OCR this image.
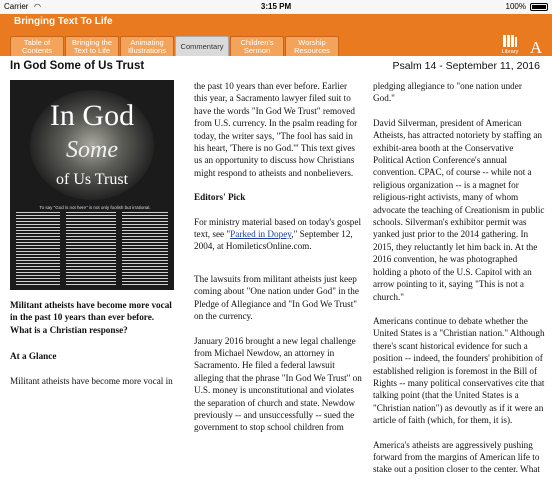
Carrier ◠	3:15 PM	100%
Bringing Text To Life
Table of
Contents
Bringing the
Text to Life
Animating
Illustrations Commentary Children's
Sermon
Worship
Resources	Library A
In God Some of Us Trust	Psalm 14 - September 11, 2016
In God
Some
of Us Trust
To say "God is not here" is not only foolish but irrational.

Militant atheists have become more vocal in the past 10 years than ever before. What is a Christian response?

At a Glance

Militant atheists have become more vocal in

the past 10 years than ever before. Earlier this year, a Sacramento lawyer filed suit to have the words "In God We Trust" removed from U.S. currency. In the psalm reading for today, the writer says, "The fool has said in his heart, 'There is no God.'" This text gives us an opportunity to discuss how Christians might respond to atheists and nonbelievers.

Editors' Pick

For ministry material based on today's gospel text, see "Parked in Dopey," September 12, 2004, at HomileticsOnline.com.

The lawsuits from militant atheists just keep coming about "One nation under God" in the Pledge of Allegiance and "In God We Trust" on the currency.

January 2016 brought a new legal challenge from Michael Newdow, an attorney in Sacramento. He filed a federal lawsuit alleging that the phrase "In God We Trust" on U.S. money is unconstitutional and violates the separation of church and state. Newdow previously -- and unsuccessfully -- sued the government to stop school children from

pledging allegiance to "one nation under God."

David Silverman, president of American Atheists, has attracted notoriety by staffing an exhibit-area booth at the Conservative Political Action Conference's annual convention. CPAC, of course -- while not a religious organization -- is a magnet for religious-right activists, many of whom advocate the teaching of Creationism in public schools. Silverman's exhibitor permit was yanked just prior to the 2014 gathering. In 2015, they reluctantly let him back in. At the 2016 convention, he was photographed holding a photo of the U.S. Capitol with an arrow pointing to it, saying "This is not a church."

Americans continue to debate whether the United States is a "Christian nation." Although there's scant historical evidence for such a position -- indeed, the founders' prohibition of established religion is foremost in the Bill of Rights -- many political conservatives cite that talking point (that the United States is a "Christian nation") as devoutly as if it were an article of faith (which, for them, it is).

America's atheists are aggressively pushing forward from the margins of American life to stake out a position closer to the center. What
